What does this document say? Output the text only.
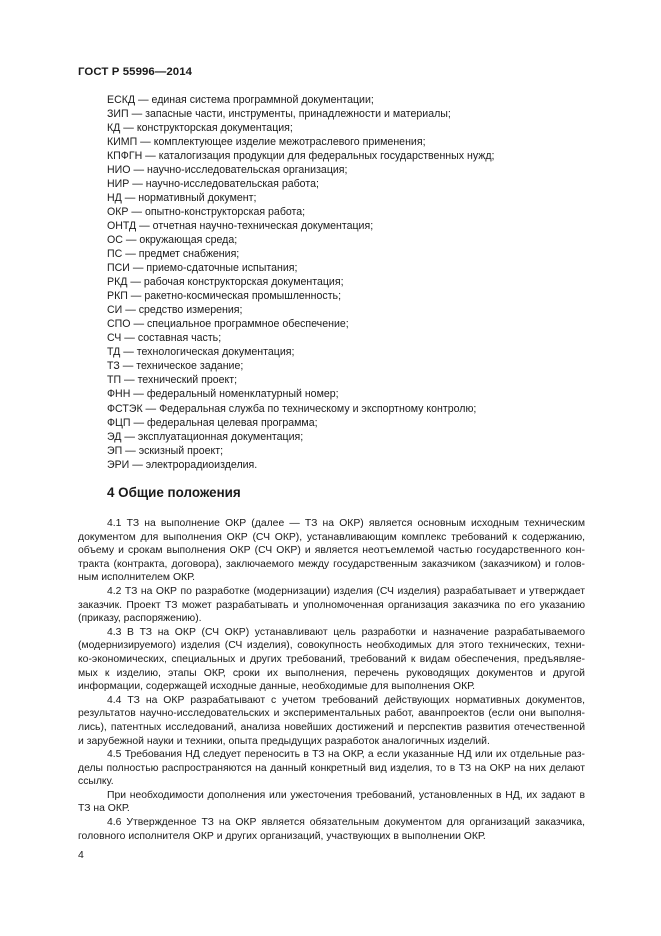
ГОСТ Р 55996—2014
ЕСКД — единая система программной документации;
ЗИП — запасные части, инструменты, принадлежности и материалы;
КД — конструкторская документация;
КИМП — комплектующее изделие межотраслевого применения;
КПФГН — каталогизация продукции для федеральных государственных нужд;
НИО — научно-исследовательская организация;
НИР — научно-исследовательская работа;
НД — нормативный документ;
ОКР — опытно-конструкторская работа;
ОНТД — отчетная научно-техническая документация;
ОС — окружающая среда;
ПС — предмет снабжения;
ПСИ — приемо-сдаточные испытания;
РКД — рабочая конструкторская документация;
РКП — ракетно-космическая промышленность;
СИ — средство измерения;
СПО — специальное программное обеспечение;
СЧ — составная часть;
ТД — технологическая документация;
ТЗ — техническое задание;
ТП — технический проект;
ФНН — федеральный номенклатурный номер;
ФСТЭК — Федеральная служба по техническому и экспортному контролю;
ФЦП — федеральная целевая программа;
ЭД — эксплуатационная документация;
ЭП — эскизный проект;
ЭРИ — электрорадиоизделия.
4 Общие положения
4.1 ТЗ на выполнение ОКР (далее — ТЗ на ОКР) является основным исходным техническим
документом для выполнения ОКР (СЧ ОКР), устанавливающим комплекс требований к содержанию,
объему и срокам выполнения ОКР (СЧ ОКР) и является неотъемлемой частью государственного кон-
тракта (контракта, договора), заключаемого между государственным заказчиком (заказчиком) и голов-
ным исполнителем ОКР.
4.2 ТЗ на ОКР по разработке (модернизации) изделия (СЧ изделия) разрабатывает и утверждает
заказчик. Проект ТЗ может разрабатывать и уполномоченная организация заказчика по его указанию
(приказу, распоряжению).
4.3 В ТЗ на ОКР (СЧ ОКР) устанавливают цель разработки и назначение разрабатываемого
(модернизируемого) изделия (СЧ изделия), совокупность необходимых для этого технических, техни-
ко-экономических, специальных и других требований, требований к видам обеспечения, предъявляе-
мых к изделию, этапы ОКР, сроки их выполнения, перечень руководящих документов и другой
информации, содержащей исходные данные, необходимые для выполнения ОКР.
4.4 ТЗ на ОКР разрабатывают с учетом требований действующих нормативных документов,
результатов научно-исследовательских и экспериментальных работ, аванпроектов (если они выполня-
лись), патентных исследований, анализа новейших достижений и перспектив развития отечественной
и зарубежной науки и техники, опыта предыдущих разработок аналогичных изделий.
4.5 Требования НД следует переносить в ТЗ на ОКР, а если указанные НД или их отдельные раз-
делы полностью распространяются на данный конкретный вид изделия, то в ТЗ на ОКР на них делают
ссылку.
При необходимости дополнения или ужесточения требований, установленных в НД, их задают в
ТЗ на ОКР.
4.6 Утвержденное ТЗ на ОКР является обязательным документом для организаций заказчика,
головного исполнителя ОКР и других организаций, участвующих в выполнении ОКР.
4
